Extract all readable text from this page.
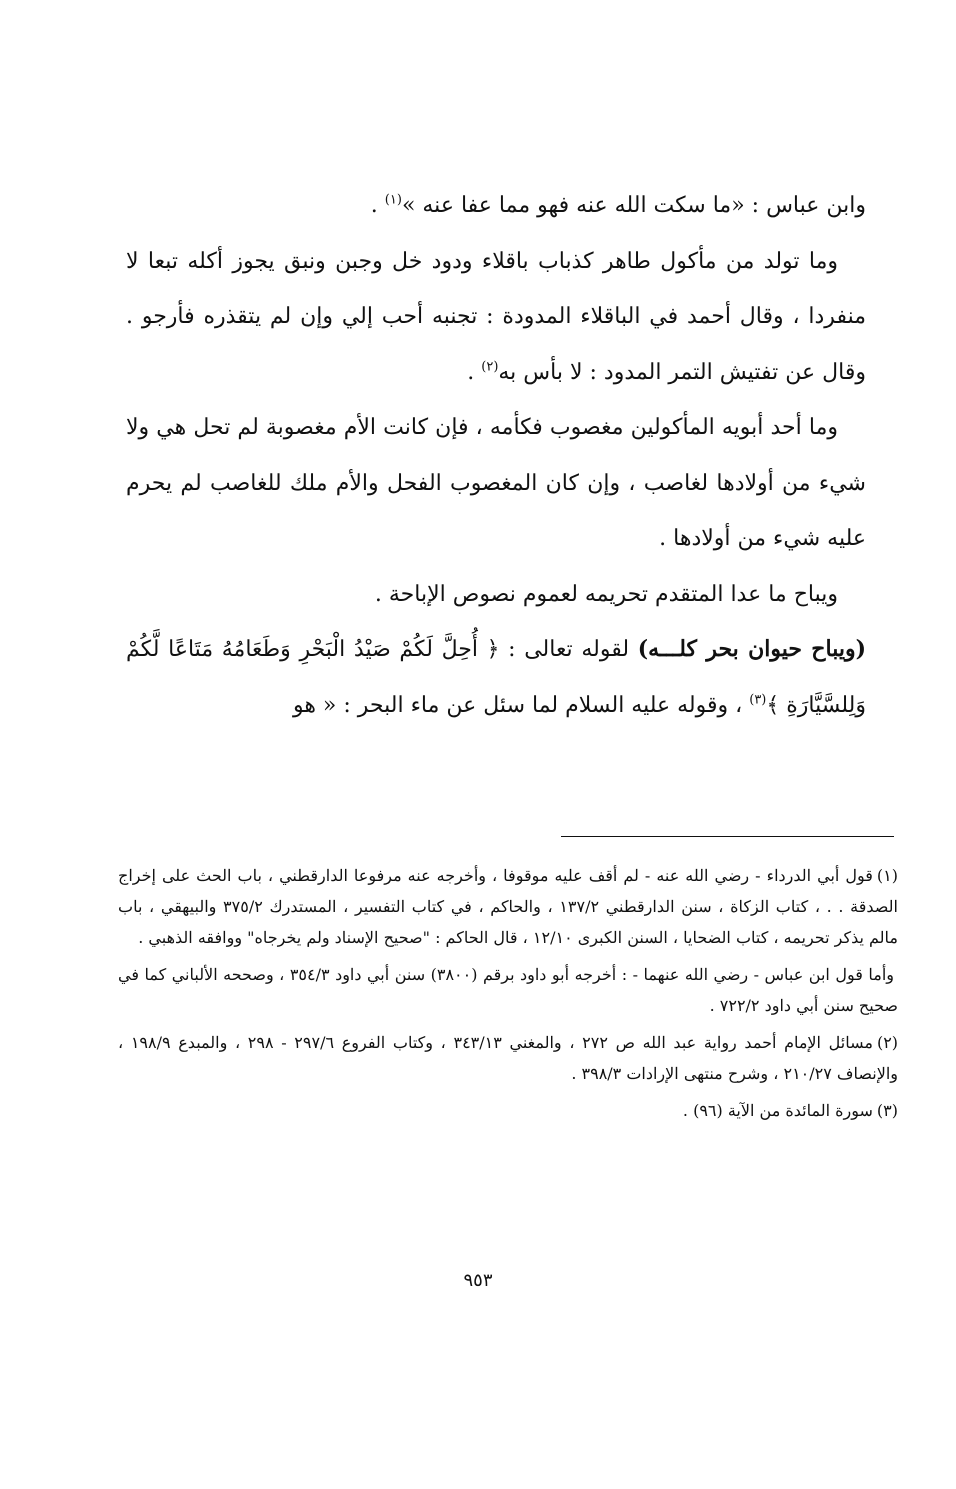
وابن عباس : «ما سكت الله عنه فهو مما عفا عنه »$^{(١)}$ .

وما تولد من مأكول طاهر كذباب باقلاء ودود خل وجبن ونبق يجوز أكله تبعا لا منفردا ، وقال أحمد في الباقلاء المدودة : تجنبه أحب إلي وإن لم يتقذره فأرجو . وقال عن تفتيش التمر المدود : لا بأس به$^{(٢)}$ .

وما أحد أبويه المأكولين مغصوب فكأمه ، فإن كانت الأم مغصوبة لم تحل هي ولا شيء من أولادها لغاصب ، وإن كان المغصوب الفحل والأم ملك للغاصب لم يحرم عليه شيء من أولادها .

ويباح ما عدا المتقدم تحريمه لعموم نصوص الإباحة .

(ويباح حيوان بحر كلـــه) لقوله تعالى : ﴿ أُحِلَّ لَكُمْ صَيْدُ الْبَحْرِ وَطَعَامُهُ مَتَاعًا لَّكُمْ وَلِلسَّيَّارَةِ ﴾$^{(٣)}$ ، وقوله عليه السلام لما سئل عن ماء البحر : « هو

(١)قول أبي الدرداء - رضي الله عنه - لم أقف عليه موقوفا ، وأخرجه عنه مرفوعا الدارقطني ، باب الحث على إخراج الصدقة . . ، كتاب الزكاة ، سنن الدارقطني ١٣٧/٢ ، والحاكم ، في كتاب التفسير ، المستدرك ٣٧٥/٢ والبيهقي ، باب مالم يذكر تحريمه ، كتاب الضحايا ، السنن الكبرى ١٢/١٠ ، قال الحاكم : "صحيح الإسناد ولم يخرجاه" ووافقه الذهبي .

وأما قول ابن عباس - رضي الله عنهما - : أخرجه أبو داود برقم (٣٨٠٠) سنن أبي داود ٣٥٤/٣ ، وصححه الألباني كما في صحيح سنن أبي داود ٧٢٢/٢ .

(٢)مسائل الإمام أحمد رواية عبد الله ص ٢٧٢ ، والمغني ٣٤٣/١٣ ، وكتاب الفروع ٢٩٧/٦ - ٢٩٨ ، والمبدع ١٩٨/٩ ، والإنصاف ٢١٠/٢٧ ، وشرح منتهى الإرادات ٣٩٨/٣ .

(٣)سورة المائدة من الآية (٩٦) .

٩٥٣
